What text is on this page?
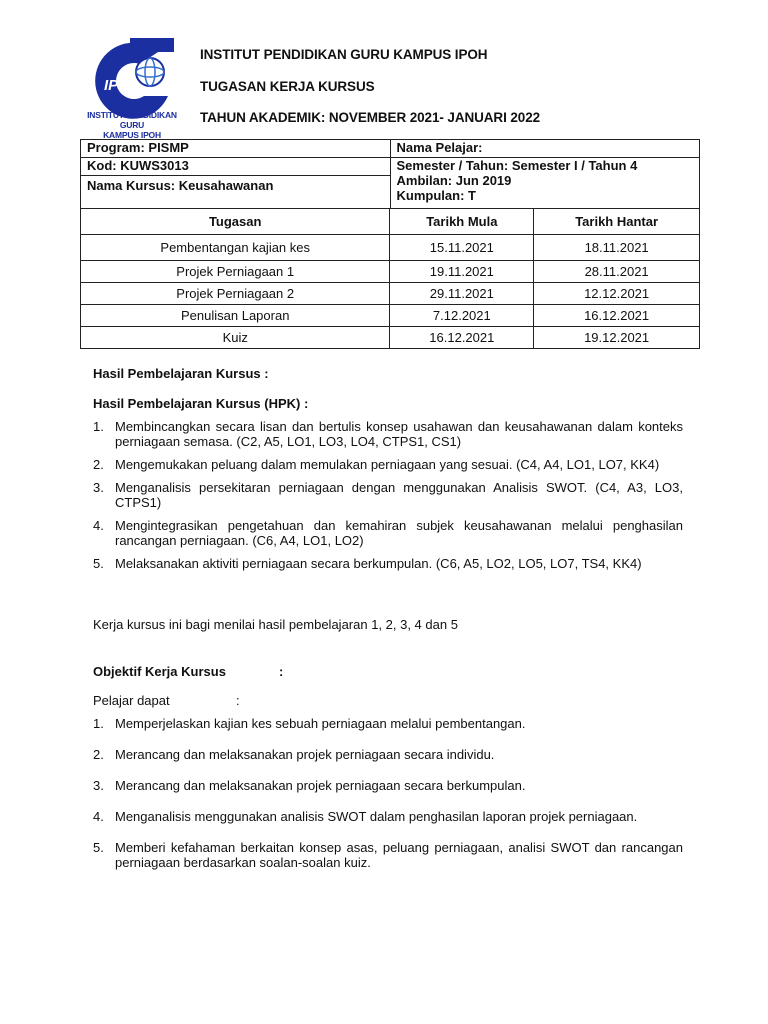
IPG
INSTITUT PENDIDIKAN GURU
KAMPUS IPOH
INSTITUT PENDIDIKAN GURU KAMPUS IPOH
TUGASAN KERJA KURSUS
TAHUN AKADEMIK: NOVEMBER 2021- JANUARI 2022
Program: PISMP	Nama Pelajar:
Kod: KUWS3013	Semester / Tahun: Semester I / Tahun 4
Ambilan: Jun 2019
Kumpulan: T

Nama Kursus: Keusahawanan	
Tugasan	Tarikh Mula	Tarikh Hantar
Pembentangan kajian kes	15.11.2021	18.11.2021
Projek Perniagaan 1	19.11.2021	28.11.2021
Projek Perniagaan 2	29.11.2021	12.12.2021
Penulisan Laporan	7.12.2021	16.12.2021
Kuiz	16.12.2021	19.12.2021
Hasil Pembelajaran Kursus :
Hasil Pembelajaran Kursus (HPK) :
1. Membincangkan secara lisan dan bertulis konsep usahawan dan keusahawanan dalam konteks perniagaan semasa. (C2, A5, LO1, LO3, LO4, CTPS1, CS1)
2. Mengemukakan peluang dalam memulakan perniagaan yang sesuai. (C4, A4, LO1, LO7, KK4)
3. Menganalisis persekitaran perniagaan dengan menggunakan Analisis SWOT. (C4, A3, LO3, CTPS1)
4. Mengintegrasikan pengetahuan dan kemahiran subjek keusahawanan melalui penghasilan rancangan perniagaan. (C6, A4, LO1, LO2)
5. Melaksanakan aktiviti perniagaan secara berkumpulan. (C6, A5, LO2, LO5, LO7, TS4, KK4)
Kerja kursus ini bagi menilai hasil pembelajaran 1, 2, 3, 4 dan 5
Objektif Kerja Kursus	:
Pelajar dapat	:
1. Memperjelaskan kajian kes sebuah perniagaan melalui pembentangan.
2. Merancang dan melaksanakan projek perniagaan secara individu.
3. Merancang dan melaksanakan projek perniagaan secara berkumpulan.
4. Menganalisis menggunakan analisis SWOT dalam penghasilan laporan projek perniagaan.
5. Memberi kefahaman berkaitan konsep asas, peluang perniagaan, analisi SWOT dan rancangan perniagaan berdasarkan soalan-soalan kuiz.
